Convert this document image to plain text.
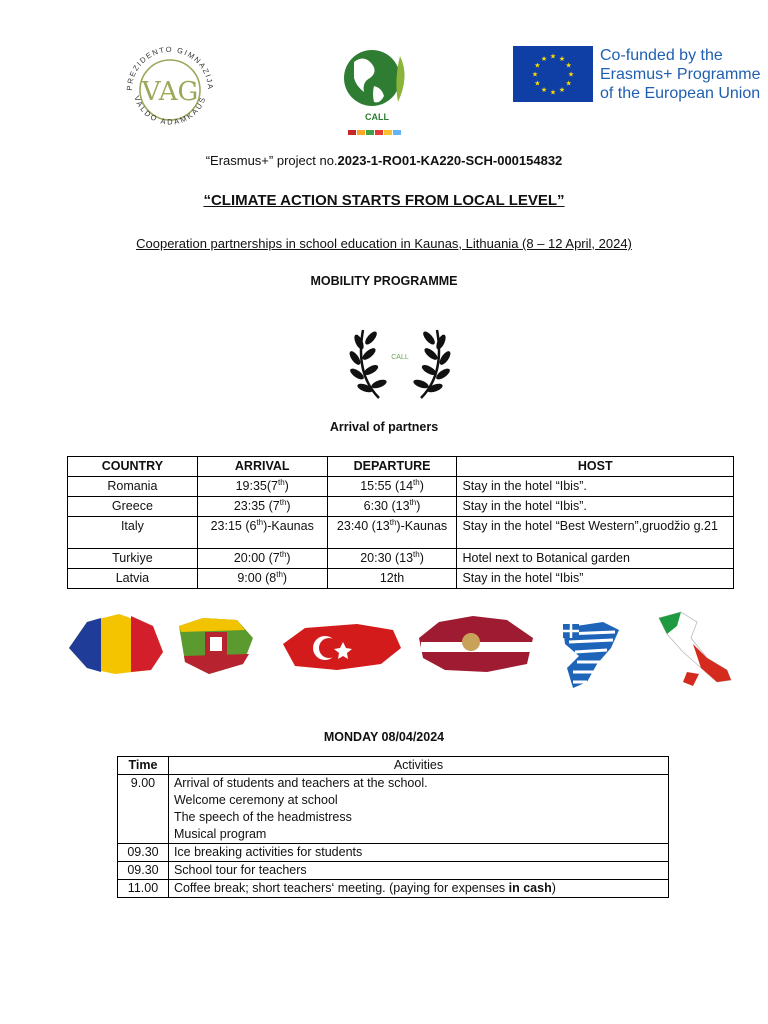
PREZIDENTO GIMNAZIJA
VALDO ADAMKAUS
VAG
CALL
★ ★
★
★
★
★
★
★
★
★
★
★	Co-funded by the
Erasmus+ Programme
of the European Union
“Erasmus+” project no.2023-1-RO01-KA220-SCH-000154832
“CLIMATE ACTION STARTS FROM LOCAL LEVEL”
Cooperation partnerships in school education in Kaunas, Lithuania (8 – 12 April, 2024)
MOBILITY PROGRAMME
CALL
Arrival of partners
COUNTRY	ARRIVAL	DEPARTURE	HOST
Romania	19:35(7th)	15:55 (14th)	Stay in the hotel “Ibis”.
Greece	23:35 (7th)	6:30 (13th)	Stay in the hotel “Ibis”.
Italy	23:15 (6th)-Kaunas	23:40 (13th)-Kaunas	Stay in the hotel “Best Western”,gruodžio g.21
Turkiye	20:00 (7th)	20:30 (13th)	Hotel next to Botanical garden
Latvia	9:00 (8th)	12th	Stay in the hotel “Ibis”
MONDAY 08/04/2024
Time	Activities
9.00	Arrival of students and teachers at the school.
Welcome ceremony at school
The speech of the headmistress
Musical program

09.30	Ice breaking activities for students

09.30	School tour for teachers

11.00	Coffee break; short teachers‘ meeting. (paying for expenses in cash)
